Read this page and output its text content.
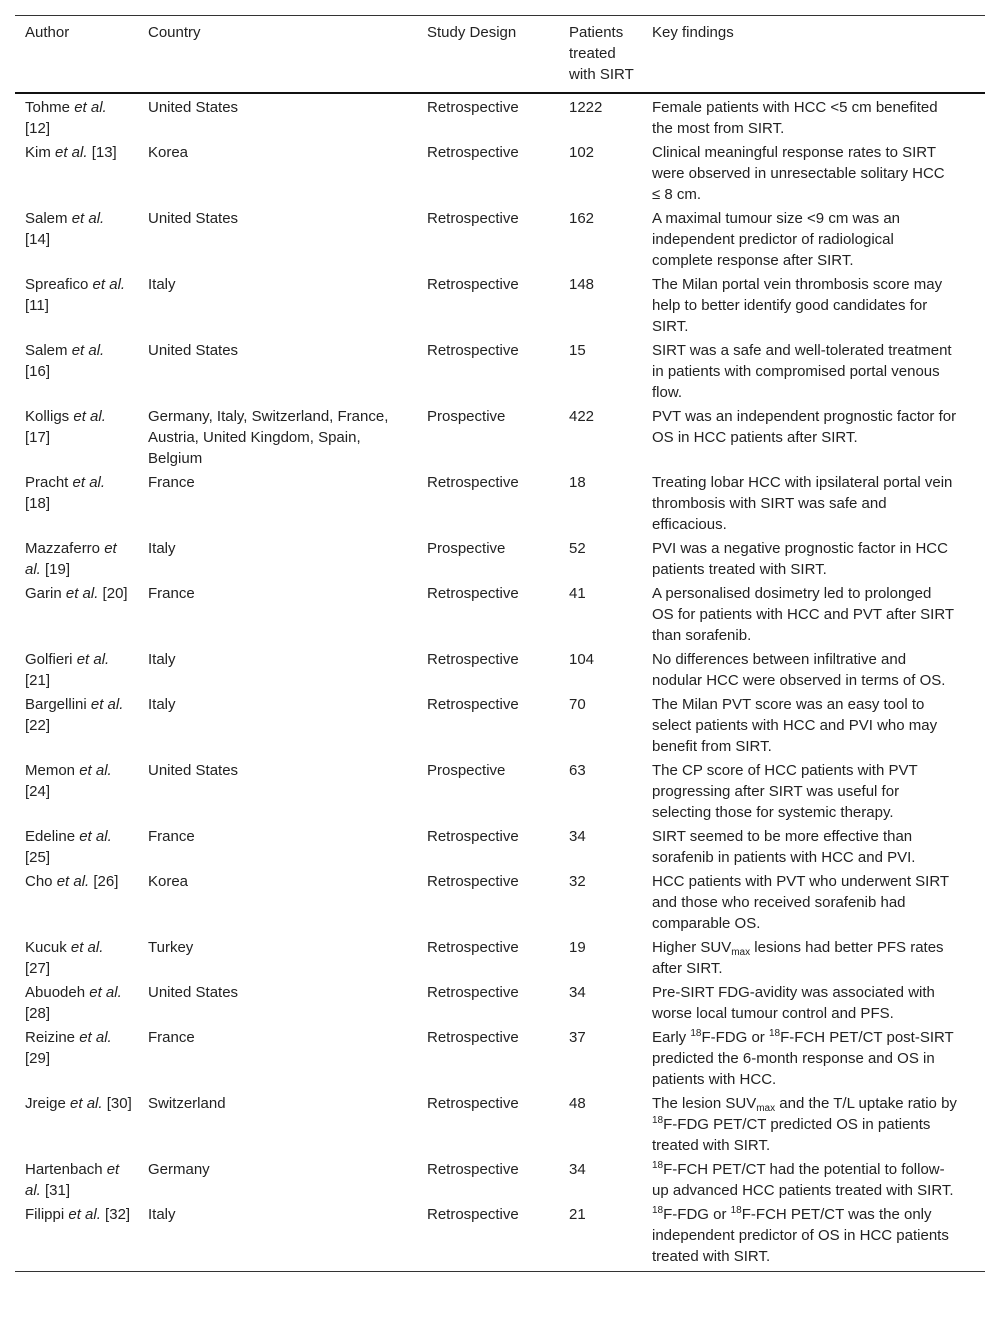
Author	Country	Study Design	Patients treated with SIRT	Key findings
Tohme et al. [12]	United States	Retrospective	1222	Female patients with HCC <5 cm benefited the most from SIRT.
Kim et al. [13]	Korea	Retrospective	102	Clinical meaningful response rates to SIRT were observed in unresectable solitary HCC ≤ 8 cm.
Salem et al. [14]	United States	Retrospective	162	A maximal tumour size <9 cm was an independent predictor of radiological complete response after SIRT.
Spreafico et al. [11]	Italy	Retrospective	148	The Milan portal vein thrombosis score may help to better identify good candidates for SIRT.
Salem et al. [16]	United States	Retrospective	15	SIRT was a safe and well-tolerated treatment in patients with compromised portal venous flow.
Kolligs et al. [17]	Germany, Italy, Switzerland, France, Austria, United Kingdom, Spain, Belgium	Prospective	422	PVT was an independent prognostic factor for OS in HCC patients after SIRT.
Pracht et al. [18]	France	Retrospective	18	Treating lobar HCC with ipsilateral portal vein thrombosis with SIRT was safe and efficacious.
Mazzaferro et al. [19]	Italy	Prospective	52	PVI was a negative prognostic factor in HCC patients treated with SIRT.
Garin et al. [20]	France	Retrospective	41	A personalised dosimetry led to prolonged OS for patients with HCC and PVT after SIRT than sorafenib.
Golfieri et al. [21]	Italy	Retrospective	104	No differences between infiltrative and nodular HCC were observed in terms of OS.
Bargellini et al. [22]	Italy	Retrospective	70	The Milan PVT score was an easy tool to select patients with HCC and PVI who may benefit from SIRT.
Memon et al. [24]	United States	Prospective	63	The CP score of HCC patients with PVT progressing after SIRT was useful for selecting those for systemic therapy.
Edeline et al. [25]	France	Retrospective	34	SIRT seemed to be more effective than sorafenib in patients with HCC and PVI.
Cho et al. [26]	Korea	Retrospective	32	HCC patients with PVT who underwent SIRT and those who received sorafenib had comparable OS.
Kucuk et al. [27]	Turkey	Retrospective	19	Higher $SUV_{max}$ lesions had better PFS rates after SIRT.
Abuodeh et al. [28]	United States	Retrospective	34	Pre-SIRT FDG-avidity was associated with worse local tumour control and PFS.
Reizine et al. [29]	France	Retrospective	37	Early $^{18}$F-FDG or $^{18}$F-FCH PET/CT post-SIRT predicted the 6-month response and OS in patients with HCC.
Jreige et al. [30]	Switzerland	Retrospective	48	The lesion $SUV_{max}$ and the T/L uptake ratio by $^{18}$F-FDG PET/CT predicted OS in patients treated with SIRT.
Hartenbach et al. [31]	Germany	Retrospective	34	$^{18}$F-FCH PET/CT had the potential to follow-up advanced HCC patients treated with SIRT.
Filippi et al. [32]	Italy	Retrospective	21	$^{18}$F-FDG or $^{18}$F-FCH PET/CT was the only independent predictor of OS in HCC patients treated with SIRT.
